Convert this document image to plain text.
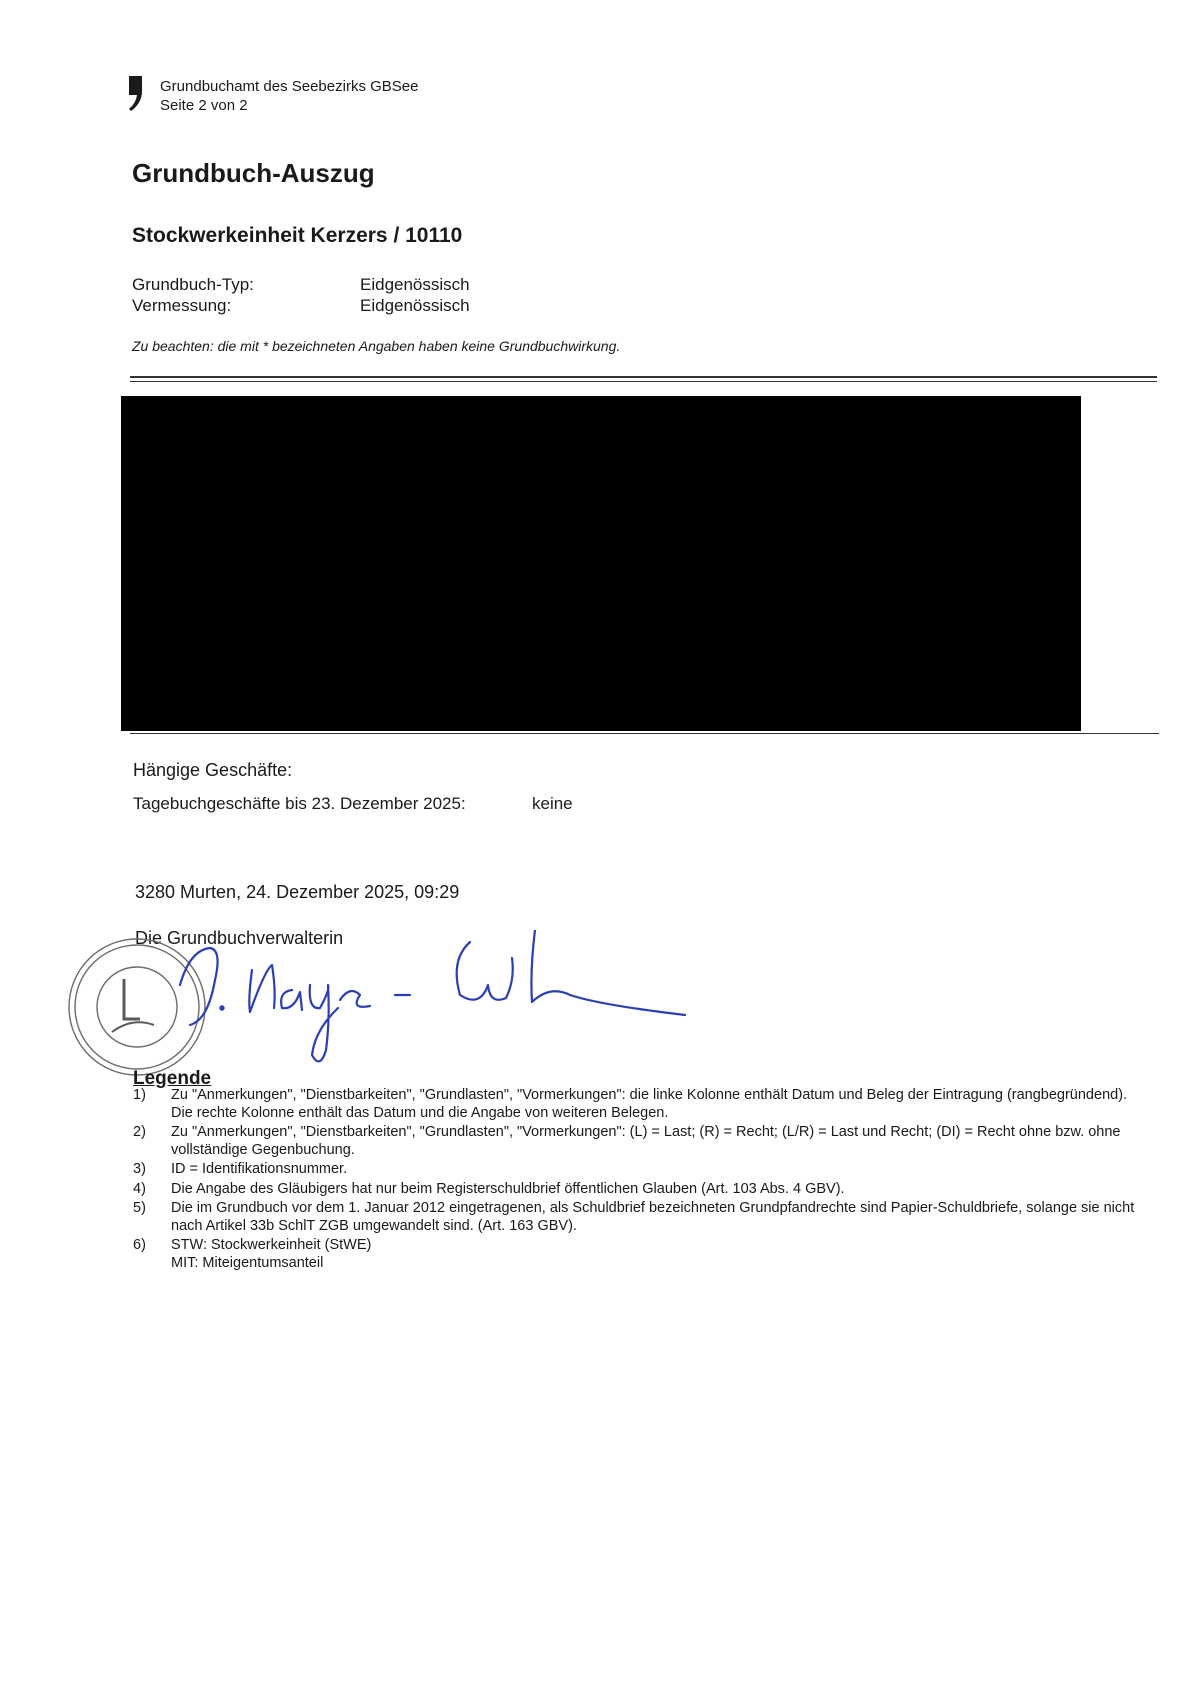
Grundbuchamt des Seebezirks GBSee
Seite 2 von 2
Grundbuch-Auszug
Stockwerkeinheit Kerzers / 10110
Grundbuch-Typ:	Eidgenössisch
Vermessung:	Eidgenössisch
Zu beachten: die mit * bezeichneten Angaben haben keine Grundbuchwirkung.
Hängige Geschäfte:
Tagebuchgeschäfte bis 23. Dezember 2025:	keine
3280 Murten, 24. Dezember 2025, 09:29
Die Grundbuchverwalterin
Legende
1)	Zu "Anmerkungen", "Dienstbarkeiten", "Grundlasten", "Vormerkungen": die linke Kolonne enthält Datum und Beleg der Eintragung (rangbegründend). Die rechte Kolonne enthält das Datum und die Angabe von weiteren Belegen.
2)	Zu "Anmerkungen", "Dienstbarkeiten", "Grundlasten", "Vormerkungen": (L) = Last; (R) = Recht; (L/R) = Last und Recht; (DI) = Recht ohne bzw. ohne vollständige Gegenbuchung.
3)	ID = Identifikationsnummer.
4)	Die Angabe des Gläubigers hat nur beim Registerschuldbrief öffentlichen Glauben (Art. 103 Abs. 4 GBV).
5)	Die im Grundbuch vor dem 1. Januar 2012 eingetragenen, als Schuldbrief bezeichneten Grundpfandrechte sind Papier-Schuldbriefe, solange sie nicht nach Artikel 33b SchlT ZGB umgewandelt sind. (Art. 163 GBV).
6)	STW: Stockwerkeinheit (StWE)
MIT: Miteigentumsanteil
